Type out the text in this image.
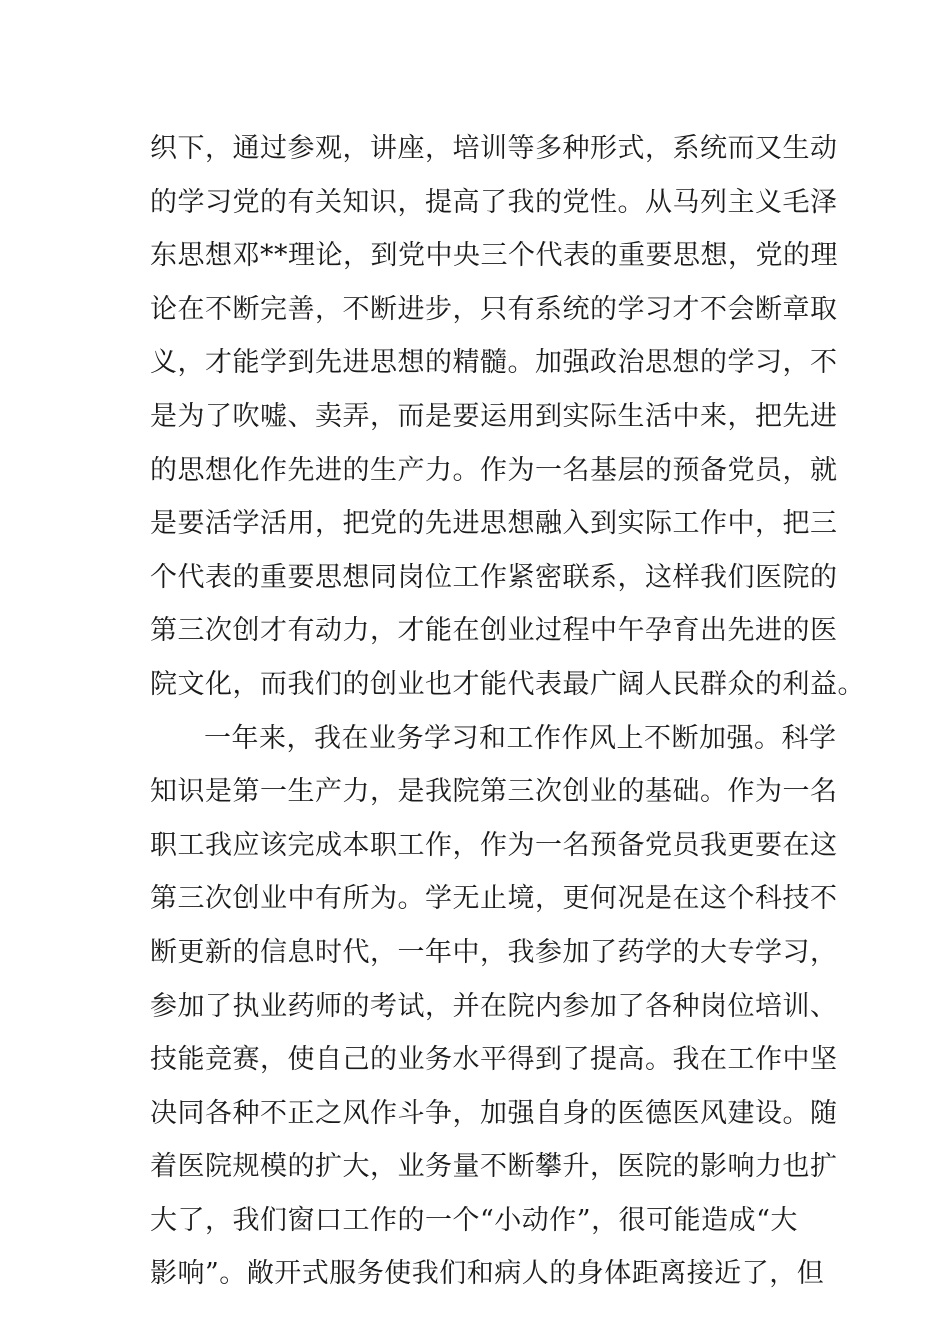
织下，通过参观，讲座，培训等多种形式，系统而又生动
的学习党的有关知识，提高了我的党性。从马列主义毛泽
东思想邓**理论，到党中央三个代表的重要思想，党的理
论在不断完善，不断进步，只有系统的学习才不会断章取
义，才能学到先进思想的精髓。加强政治思想的学习，不
是为了吹嘘、卖弄，而是要运用到实际生活中来，把先进
的思想化作先进的生产力。作为一名基层的预备党员，就
是要活学活用，把党的先进思想融入到实际工作中，把三
个代表的重要思想同岗位工作紧密联系，这样我们医院的
第三次创才有动力，才能在创业过程中午孕育出先进的医
院文化，而我们的创业也才能代表最广阔人民群众的利益。
一年来，我在业务学习和工作作风上不断加强。科学
知识是第一生产力，是我院第三次创业的基础。作为一名
职工我应该完成本职工作，作为一名预备党员我更要在这
第三次创业中有所为。学无止境，更何况是在这个科技不
断更新的信息时代，一年中，我参加了药学的大专学习，
参加了执业药师的考试，并在院内参加了各种岗位培训、
技能竞赛，使自己的业务水平得到了提高。我在工作中坚
决同各种不正之风作斗争，加强自身的医德医风建设。随
着医院规模的扩大，业务量不断攀升，医院的影响力也扩
大了，我们窗口工作的一个“小动作”，很可能造成“大
影响”。敞开式服务使我们和病人的身体距离接近了，但
